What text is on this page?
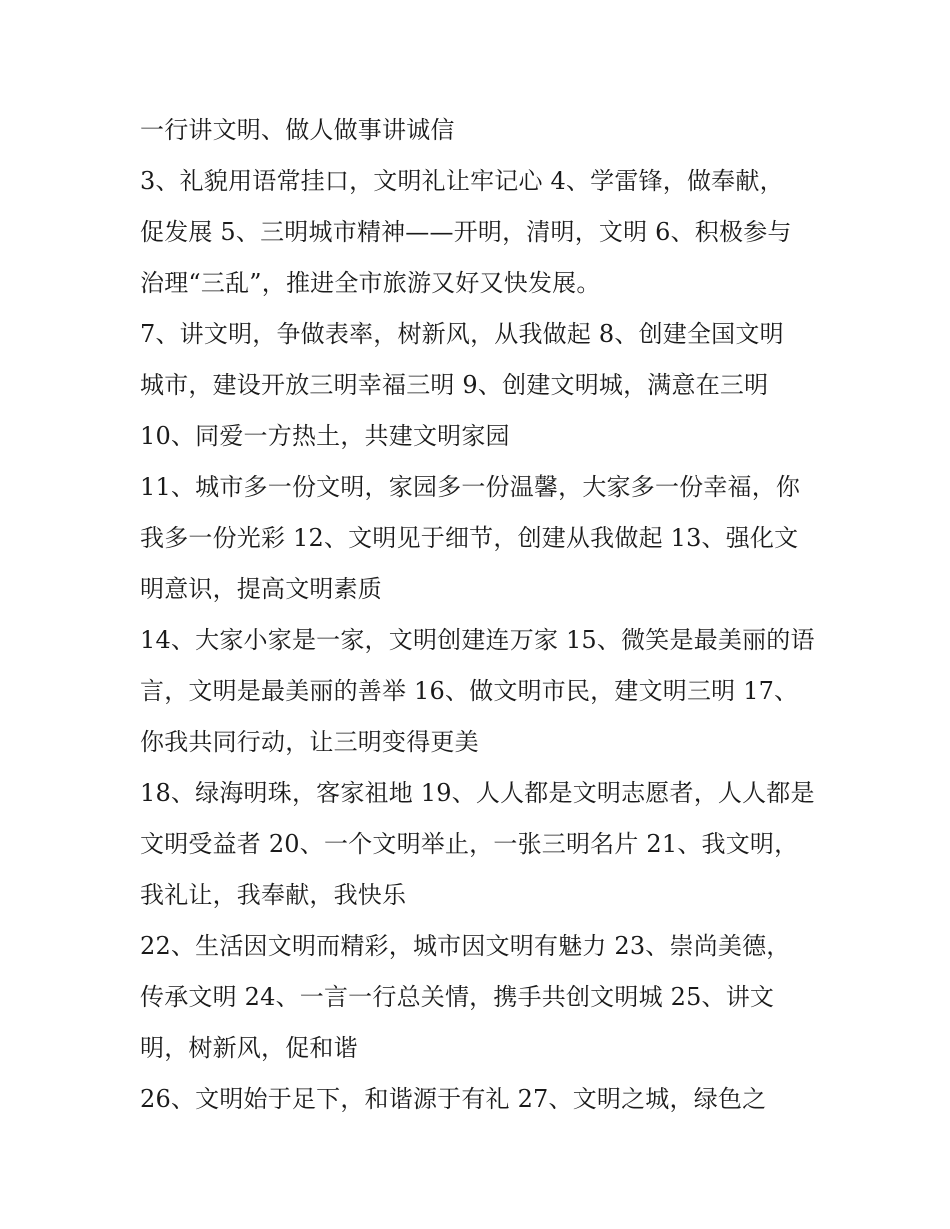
一行讲文明、做人做事讲诚信
3、礼貌用语常挂口，文明礼让牢记心 4、学雷锋，做奉献，
促发展 5、三明城市精神——开明，清明，文明 6、积极参与
治理“三乱”，推进全市旅游又好又快发展。
7、讲文明，争做表率，树新风，从我做起 8、创建全国文明
城市，建设开放三明幸福三明 9、创建文明城，满意在三明
10、同爱一方热土，共建文明家园
11、城市多一份文明，家园多一份温馨，大家多一份幸福，你
我多一份光彩 12、文明见于细节，创建从我做起 13、强化文
明意识，提高文明素质
14、大家小家是一家，文明创建连万家 15、微笑是最美丽的语
言，文明是最美丽的善举 16、做文明市民，建文明三明 17、
你我共同行动，让三明变得更美
18、绿海明珠，客家祖地 19、人人都是文明志愿者，人人都是
文明受益者 20、一个文明举止，一张三明名片 21、我文明，
我礼让，我奉献，我快乐
22、生活因文明而精彩，城市因文明有魅力 23、崇尚美德，
传承文明 24、一言一行总关情，携手共创文明城 25、讲文
明，树新风，促和谐
26、文明始于足下，和谐源于有礼 27、文明之城，绿色之
